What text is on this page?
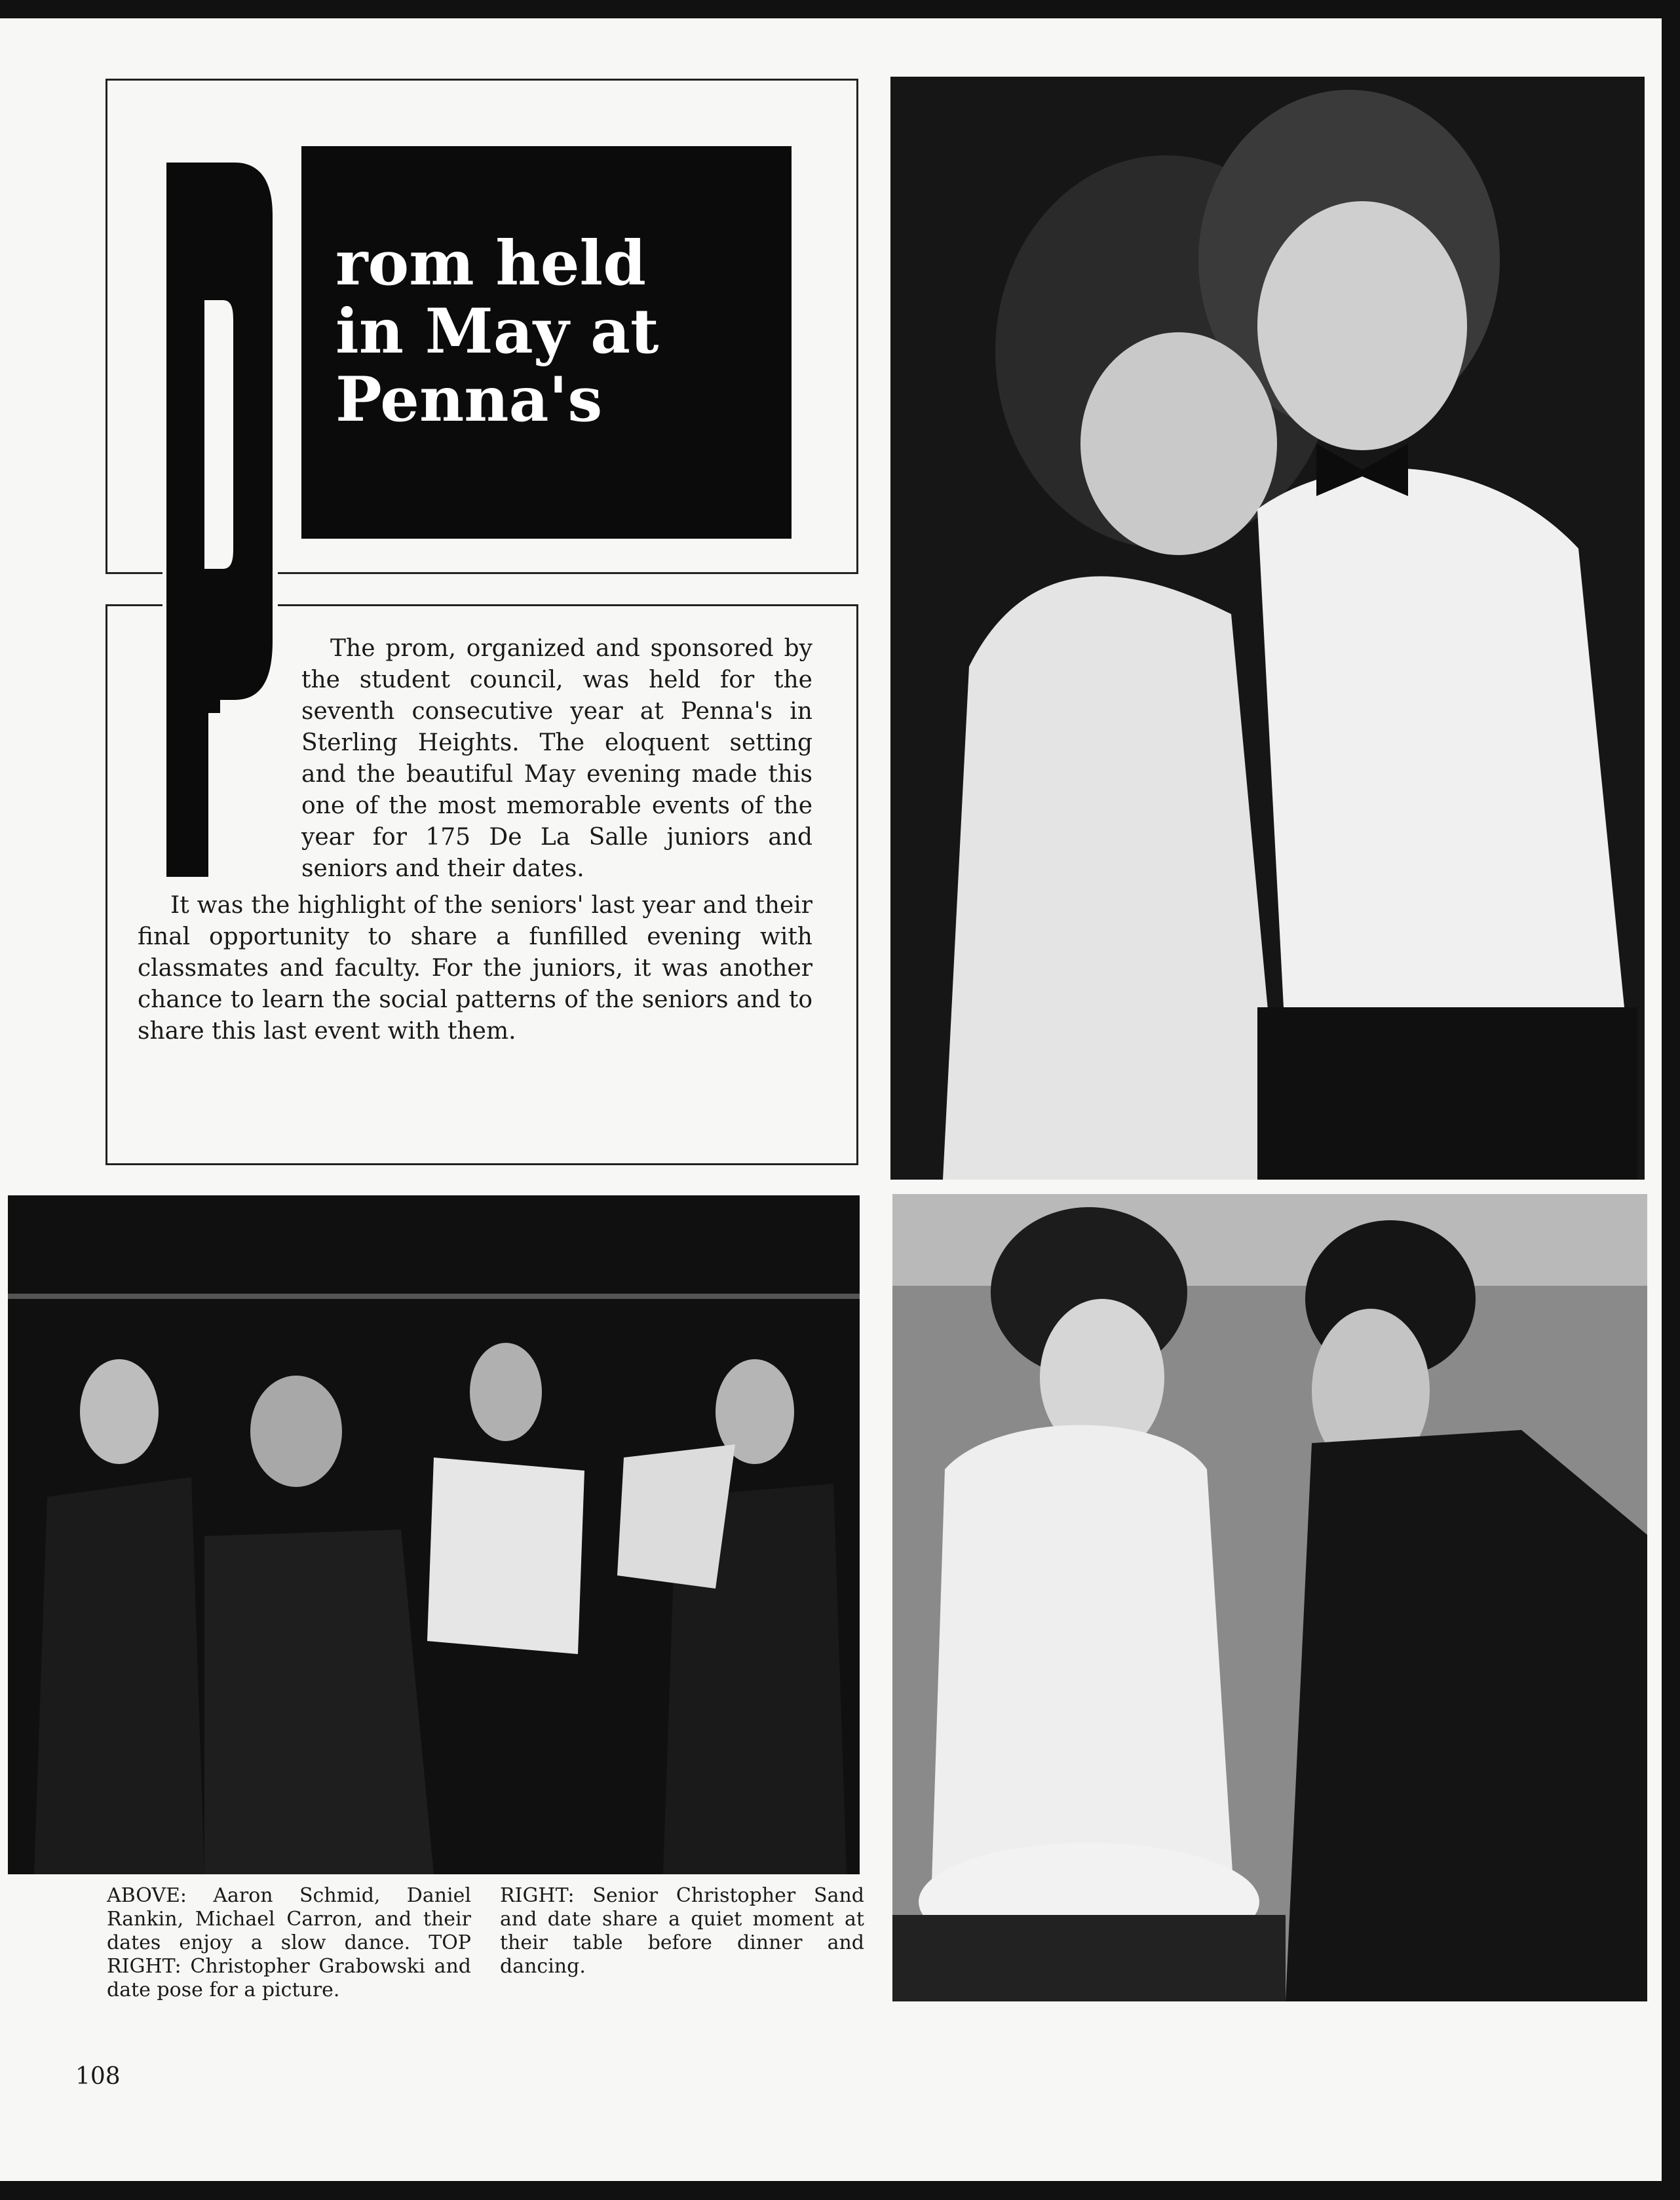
rom held
in May at
Penna's
The prom, organized and sponsored by the student council, was held for the seventh consecutive year at Penna's in Sterling Heights. The eloquent setting and the beautiful May evening made this one of the most memorable events of the year for 175 De La Salle juniors and seniors and their dates.
It was the highlight of the seniors' last year and their final opportunity to share a funfilled evening with classmates and faculty. For the juniors, it was another chance to learn the social patterns of the seniors and to share this last event with them.
ABOVE: Aaron Schmid, Daniel Rankin, Michael Carron, and their dates enjoy a slow dance. TOP RIGHT: Christopher Grabowski and date pose for a picture.
RIGHT: Senior Christopher Sand and date share a quiet moment at their table before dinner and dancing.
108
